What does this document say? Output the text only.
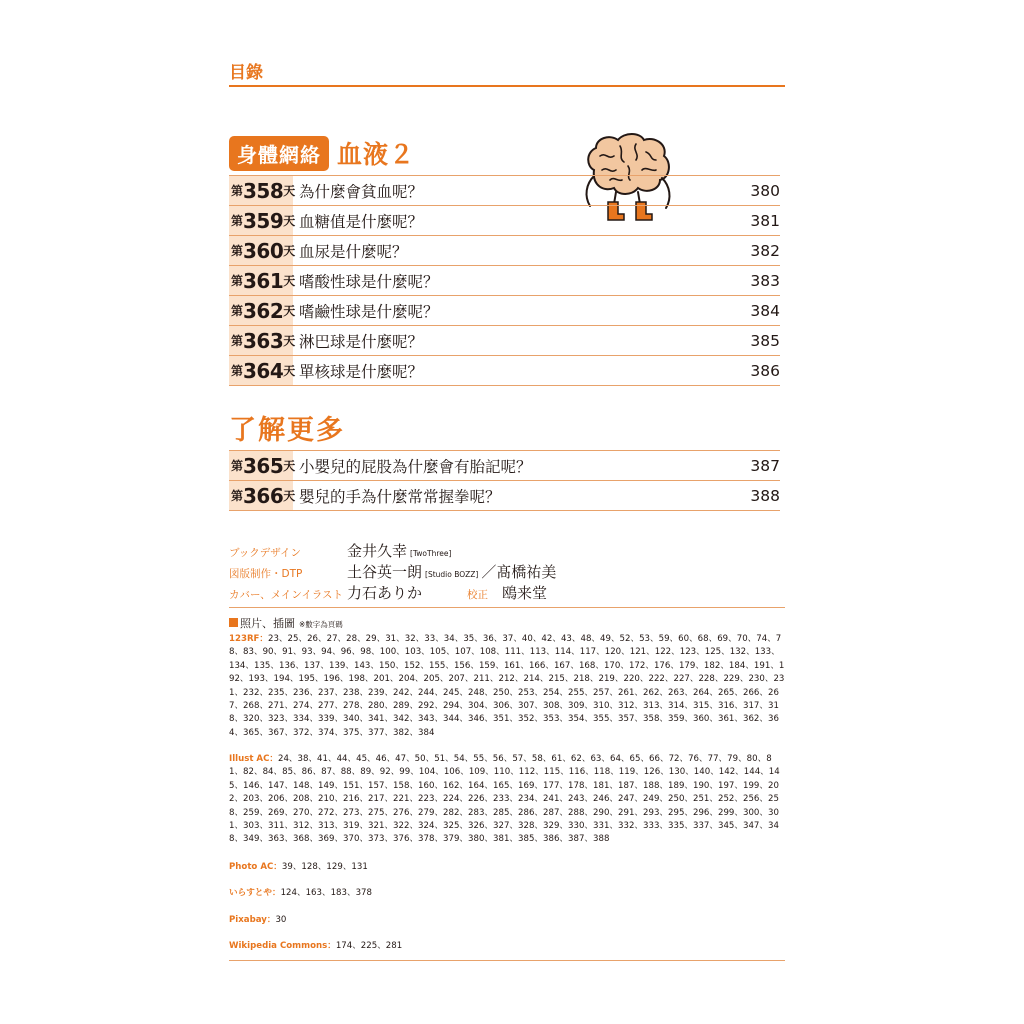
目錄
身體網絡 血液２
第 358 天 為什麼會貧血呢？	380
第 359 天 血糖值是什麼呢？	381
第 360 天 血尿是什麼呢？	382
第 361 天 嗜酸性球是什麼呢？	383
第 362 天 嗜鹼性球是什麼呢？	384
第 363 天 淋巴球是什麼呢？	385
第 364 天 單核球是什麼呢？	386
了解更多
第 365 天 小嬰兒的屁股為什麼會有胎記呢？	387
第 366 天 嬰兒的手為什麼常常握拳呢？	388
ブックデザイン	金井久幸 [TwoThree]
図版制作・DTP	土谷英一朗 [Studio BOZZ] ／髙橋祐美
カバー、メインイラスト 力石ありか	校正 鴎来堂
照片、插圖 ※數字為頁碼
123RF：23、25、26、27、28、29、31、32、33、34、35、36、37、40、42、43、48、49、52、53、59、60、68、69、70、74、78、83、90、91、93、94、96、98、100、103、105、107、108、111、113、114、117、120、121、122、123、125、132、133、134、135、136、137、139、143、150、152、155、156、159、161、166、167、168、170、172、176、179、182、184、191、192、193、194、195、196、198、201、204、205、207、211、212、214、215、218、219、220、222、227、228、229、230、231、232、235、236、237、238、239、242、244、245、248、250、253、254、255、257、261、262、263、264、265、266、267、268、271、274、277、278、280、289、292、294、304、306、307、308、309、310、312、313、314、315、316、317、318、320、323、334、339、340、341、342、343、344、346、351、352、353、354、355、357、358、359、360、361、362、364、365、367、372、374、375、377、382、384
Illust AC：24、38、41、44、45、46、47、50、51、54、55、56、57、58、61、62、63、64、65、66、72、76、77、79、80、81、82、84、85、86、87、88、89、92、99、104、106、109、110、112、115、116、118、119、126、130、140、142、144、145、146、147、148、149、151、157、158、160、162、164、165、169、177、178、181、187、188、189、190、197、199、202、203、206、208、210、216、217、221、223、224、226、233、234、241、243、246、247、249、250、251、252、256、258、259、269、270、272、273、275、276、279、282、283、285、286、287、288、290、291、293、295、296、299、300、301、303、311、312、313、319、321、322、324、325、326、327、328、329、330、331、332、333、335、337、345、347、348、349、363、368、369、370、373、376、378、379、380、381、385、386、387、388
Photo AC：39、128、129、131
いらすとや：124、163、183、378
Pixabay：30
Wikipedia Commons：174、225、281
